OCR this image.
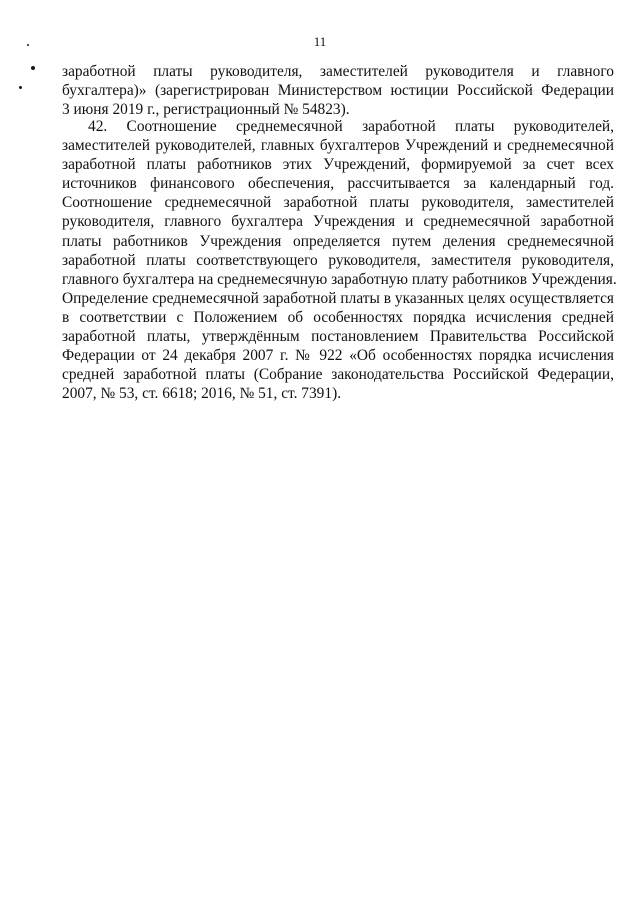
11
заработной платы руководителя, заместителей руководителя и главного
бухгалтера)» (зарегистрирован Министерством юстиции Российской Федерации
3 июня 2019 г., регистрационный № 54823).
42. Соотношение среднемесячной заработной платы руководителей,
заместителей руководителей, главных бухгалтеров Учреждений и среднемесячной
заработной платы работников этих Учреждений, формируемой за счет всех
источников финансового обеспечения, рассчитывается за календарный год.
Соотношение среднемесячной заработной платы руководителя, заместителей
руководителя, главного бухгалтера Учреждения и среднемесячной заработной
платы работников Учреждения определяется путем деления среднемесячной
заработной платы соответствующего руководителя, заместителя руководителя,
главного бухгалтера на среднемесячную заработную плату работников Учреждения.
Определение среднемесячной заработной платы в указанных целях осуществляется
в соответствии с Положением об особенностях порядка исчисления средней
заработной платы, утверждённым постановлением Правительства Российской
Федерации от 24 декабря 2007 г. № 922 «Об особенностях порядка исчисления
средней заработной платы (Собрание законодательства Российской Федерации,
2007, № 53, ст. 6618; 2016, № 51, ст. 7391).
